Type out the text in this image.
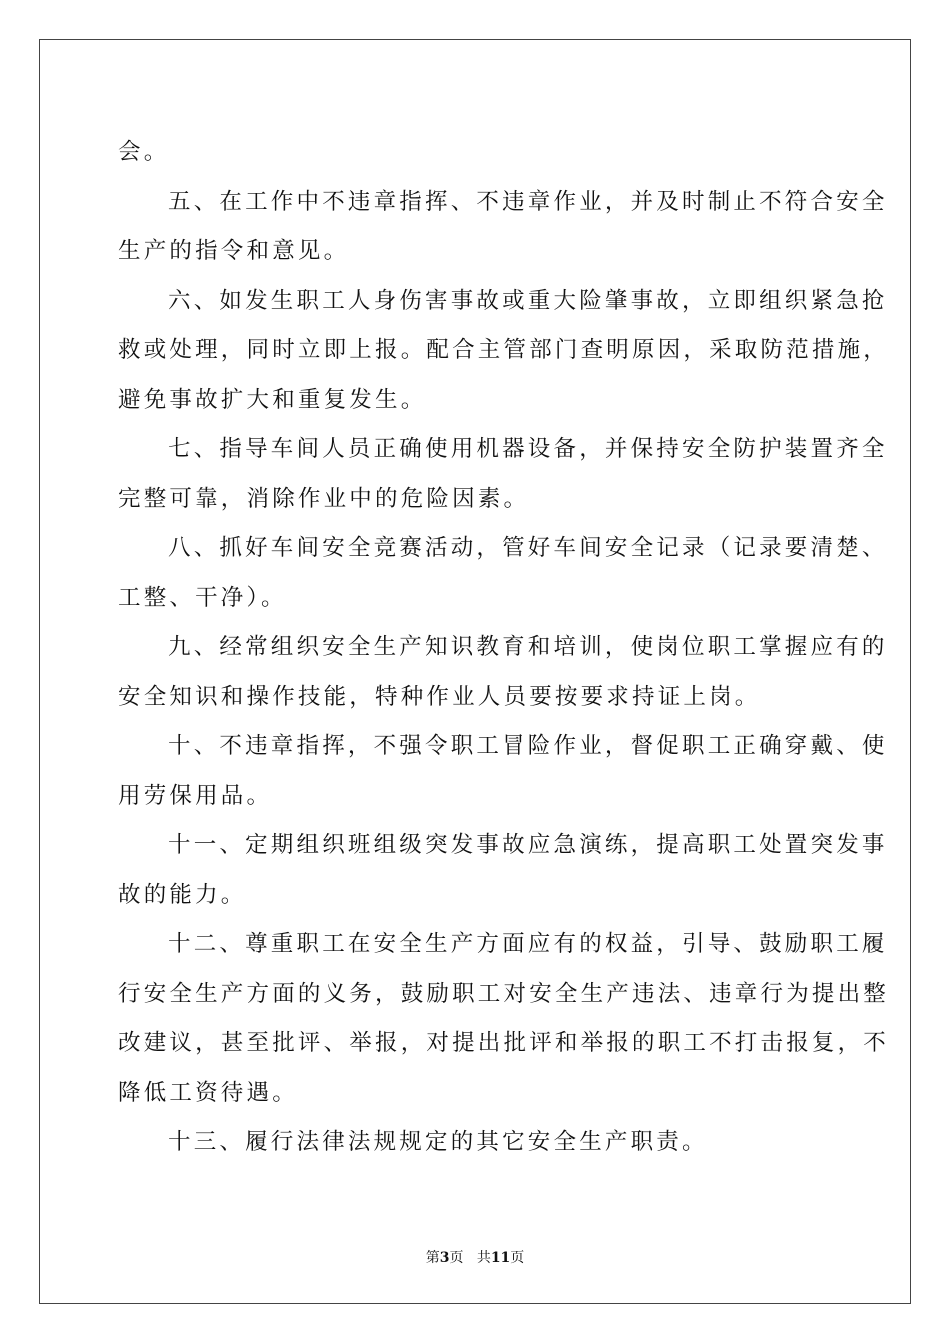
会。

五、在工作中不违章指挥、不违章作业，并及时制止不符合安全
生产的指令和意见。

六、如发生职工人身伤害事故或重大险肇事故，立即组织紧急抢
救或处理，同时立即上报。配合主管部门查明原因，采取防范措施，
避免事故扩大和重复发生。

七、指导车间人员正确使用机器设备，并保持安全防护装置齐全
完整可靠，消除作业中的危险因素。

八、抓好车间安全竞赛活动，管好车间安全记录（记录要清楚、
工整、干净）。

九、经常组织安全生产知识教育和培训，使岗位职工掌握应有的
安全知识和操作技能，特种作业人员要按要求持证上岗。

十、不违章指挥，不强令职工冒险作业，督促职工正确穿戴、使
用劳保用品。

十一、定期组织班组级突发事故应急演练，提高职工处置突发事
故的能力。

十二、尊重职工在安全生产方面应有的权益，引导、鼓励职工履
行安全生产方面的义务，鼓励职工对安全生产违法、违章行为提出整
改建议，甚至批评、举报，对提出批评和举报的职工不打击报复，不
降低工资待遇。

十三、履行法律法规规定的其它安全生产职责。

第3页 共11页
